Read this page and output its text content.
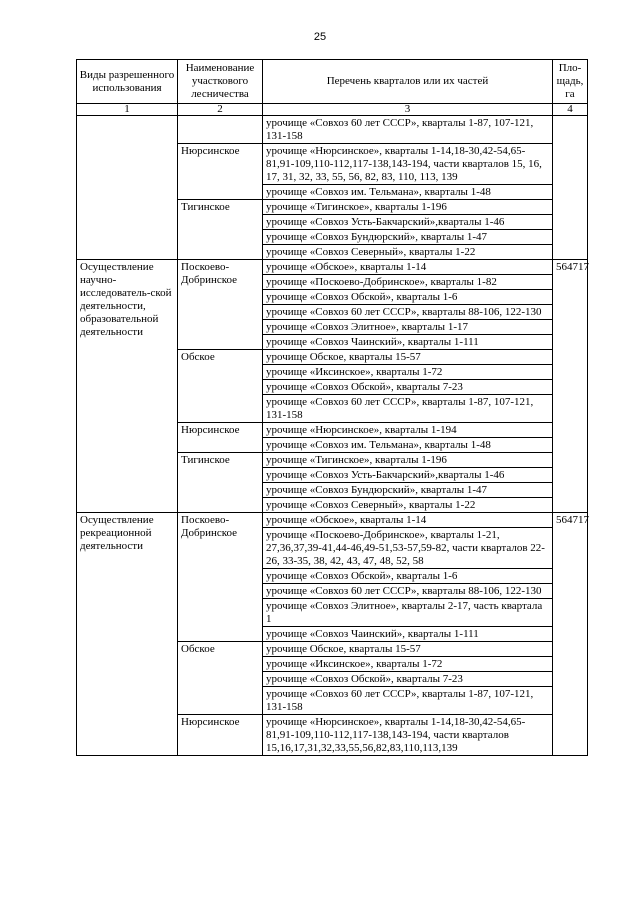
25
Виды разрешенного использования	Наименование участкового лесничества	Перечень кварталов или их частей	Пло-щадь, га
1	2	3	4
		урочище «Совхоз 60 лет СССР», кварталы 1-87, 107-121, 131-158	
	Нюрсинское	урочище «Нюрсинское», кварталы 1-14,18-30,42-54,65-81,91-109,110-112,117-138,143-194, части кварталов 15, 16, 17, 31, 32, 33, 55, 56, 82, 83, 110, 113, 139	
		урочище «Совхоз им. Тельмана», кварталы 1-48	
	Тигинское	урочище «Тигинское», кварталы 1-196	
		урочище «Совхоз Усть-Бакчарский»,кварталы 1-46	
		урочище «Совхоз Бундюрский», кварталы 1-47	
		урочище «Совхоз Северный», кварталы 1-22	
Осуществление научно-исследователь-ской деятельности, образовательной деятельности	Поскоево-Добринское	урочище «Обское», кварталы 1-14	564717
		урочище «Поскоево-Добринское», кварталы 1-82	
		урочище «Совхоз Обской», кварталы 1-6	
		урочище «Совхоз 60 лет СССР», кварталы 88-106, 122-130	
		урочище «Совхоз Элитное», кварталы 1-17	
		урочище «Совхоз Чаинский», кварталы 1-111	
	Обское	урочище Обское, кварталы 15-57	
		урочище «Иксинское», кварталы 1-72	
		урочище «Совхоз Обской», кварталы 7-23	
		урочище «Совхоз 60 лет СССР», кварталы 1-87, 107-121, 131-158	
	Нюрсинское	урочище «Нюрсинское», кварталы 1-194	
		урочище «Совхоз им. Тельмана», кварталы 1-48	
	Тигинское	урочище «Тигинское», кварталы 1-196	
		урочище «Совхоз Усть-Бакчарский»,кварталы 1-46	
		урочище «Совхоз Бундюрский», кварталы 1-47	
		урочище «Совхоз Северный», кварталы 1-22	
Осуществление рекреационной деятельности	Поскоево-Добринское	урочище «Обское», кварталы 1-14	564717
		урочище «Поскоево-Добринское», кварталы 1-21, 27,36,37,39-41,44-46,49-51,53-57,59-82, части кварталов 22-26, 33-35, 38, 42, 43, 47, 48, 52, 58	
		урочище «Совхоз Обской», кварталы 1-6	
		урочище «Совхоз 60 лет СССР», кварталы 88-106, 122-130	
		урочище «Совхоз Элитное», кварталы 2-17, часть квартала 1	
		урочище «Совхоз Чаинский», кварталы 1-111	
	Обское	урочище Обское, кварталы 15-57	
		урочище «Иксинское», кварталы 1-72	
		урочище «Совхоз Обской», кварталы 7-23	
		урочище «Совхоз 60 лет СССР», кварталы 1-87, 107-121, 131-158	
	Нюрсинское	урочище «Нюрсинское», кварталы 1-14,18-30,42-54,65-81,91-109,110-112,117-138,143-194, части кварталов 15,16,17,31,32,33,55,56,82,83,110,113,139	
